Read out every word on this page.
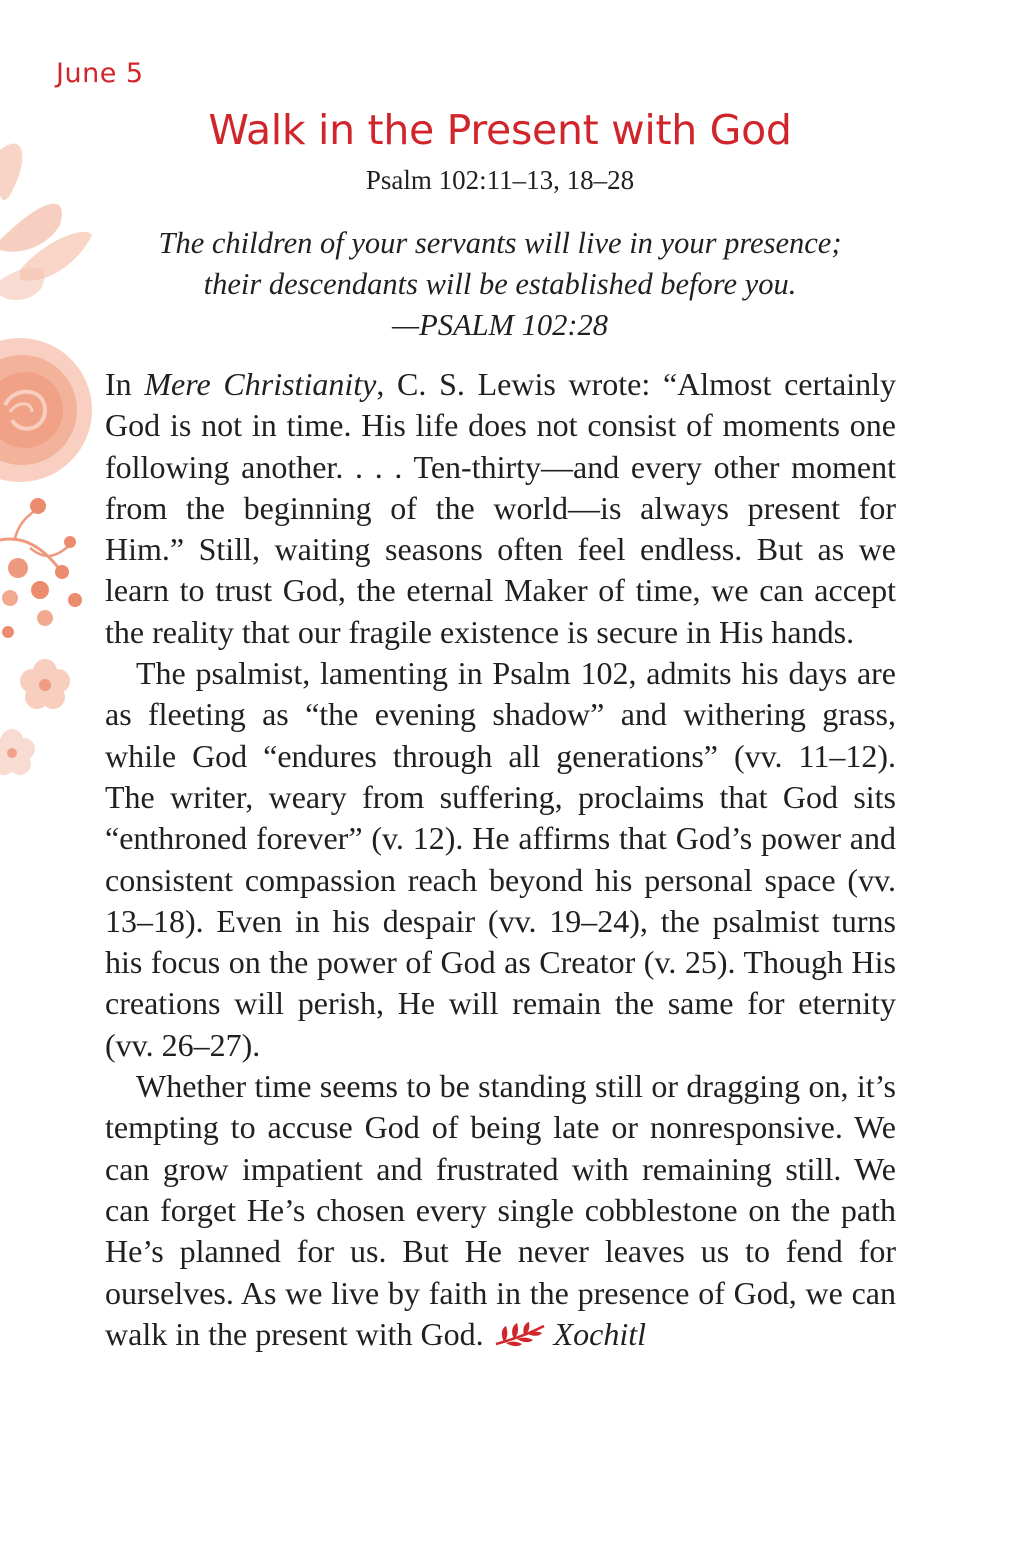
June 5
Walk in the Present with God
Psalm 102:11–13, 18–28
The children of your servants will live in your presence;
their descendants will be established before you.
—PSALM 102:28

In Mere Christianity, C. S. Lewis wrote: “Almost certainly God is not in time. His life does not consist of moments one following another. . . . Ten-thirty—and every other moment from the beginning of the world—is always present for Him.” Still, waiting seasons often feel endless. But as we learn to trust God, the eternal Maker of time, we can accept the reality that our fragile existence is secure in His hands.

The psalmist, lamenting in Psalm 102, admits his days are as fleeting as “the evening shadow” and withering grass, while God “endures through all generations” (vv. 11–12). The writer, weary from suffering, proclaims that God sits “enthroned forever” (v. 12). He affirms that God’s power and consistent compassion reach beyond his personal space (vv. 13–18). Even in his despair (vv. 19–24), the psalmist turns his focus on the power of God as Creator (v. 25). Though His creations will perish, He will remain the same for eternity (vv. 26–27).

Whether time seems to be standing still or dragging on, it’s tempting to accuse God of being late or nonresponsive. We can grow impatient and frustrated with remaining still. We can forget He’s chosen every single cobblestone on the path He’s planned for us. But He never leaves us to fend for ourselves. As we live by faith in the presence of God, we can walk in the present with God. Xochitl
